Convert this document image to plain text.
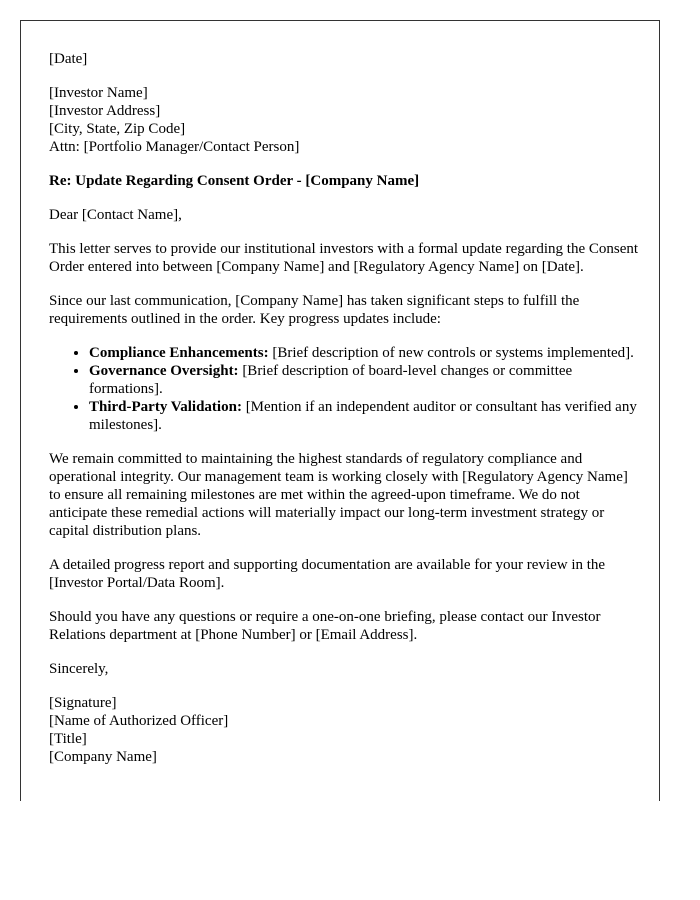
[Date]

[Investor Name]
[Investor Address]
[City, State, Zip Code]
Attn: [Portfolio Manager/Contact Person]

Re: Update Regarding Consent Order - [Company Name]

Dear [Contact Name],

This letter serves to provide our institutional investors with a formal update regarding the Consent Order entered into between [Company Name] and [Regulatory Agency Name] on [Date].

Since our last communication, [Company Name] has taken significant steps to fulfill the requirements outlined in the order. Key progress updates include:

• Compliance Enhancements: [Brief description of new controls or systems implemented].
• Governance Oversight: [Brief description of board-level changes or committee formations].
• Third-Party Validation: [Mention if an independent auditor or consultant has verified any milestones].

We remain committed to maintaining the highest standards of regulatory compliance and operational integrity. Our management team is working closely with [Regulatory Agency Name] to ensure all remaining milestones are met within the agreed-upon timeframe. We do not anticipate these remedial actions will materially impact our long-term investment strategy or capital distribution plans.

A detailed progress report and supporting documentation are available for your review in the [Investor Portal/Data Room].

Should you have any questions or require a one-on-one briefing, please contact our Investor Relations department at [Phone Number] or [Email Address].

Sincerely,

[Signature]
[Name of Authorized Officer]
[Title]
[Company Name]
